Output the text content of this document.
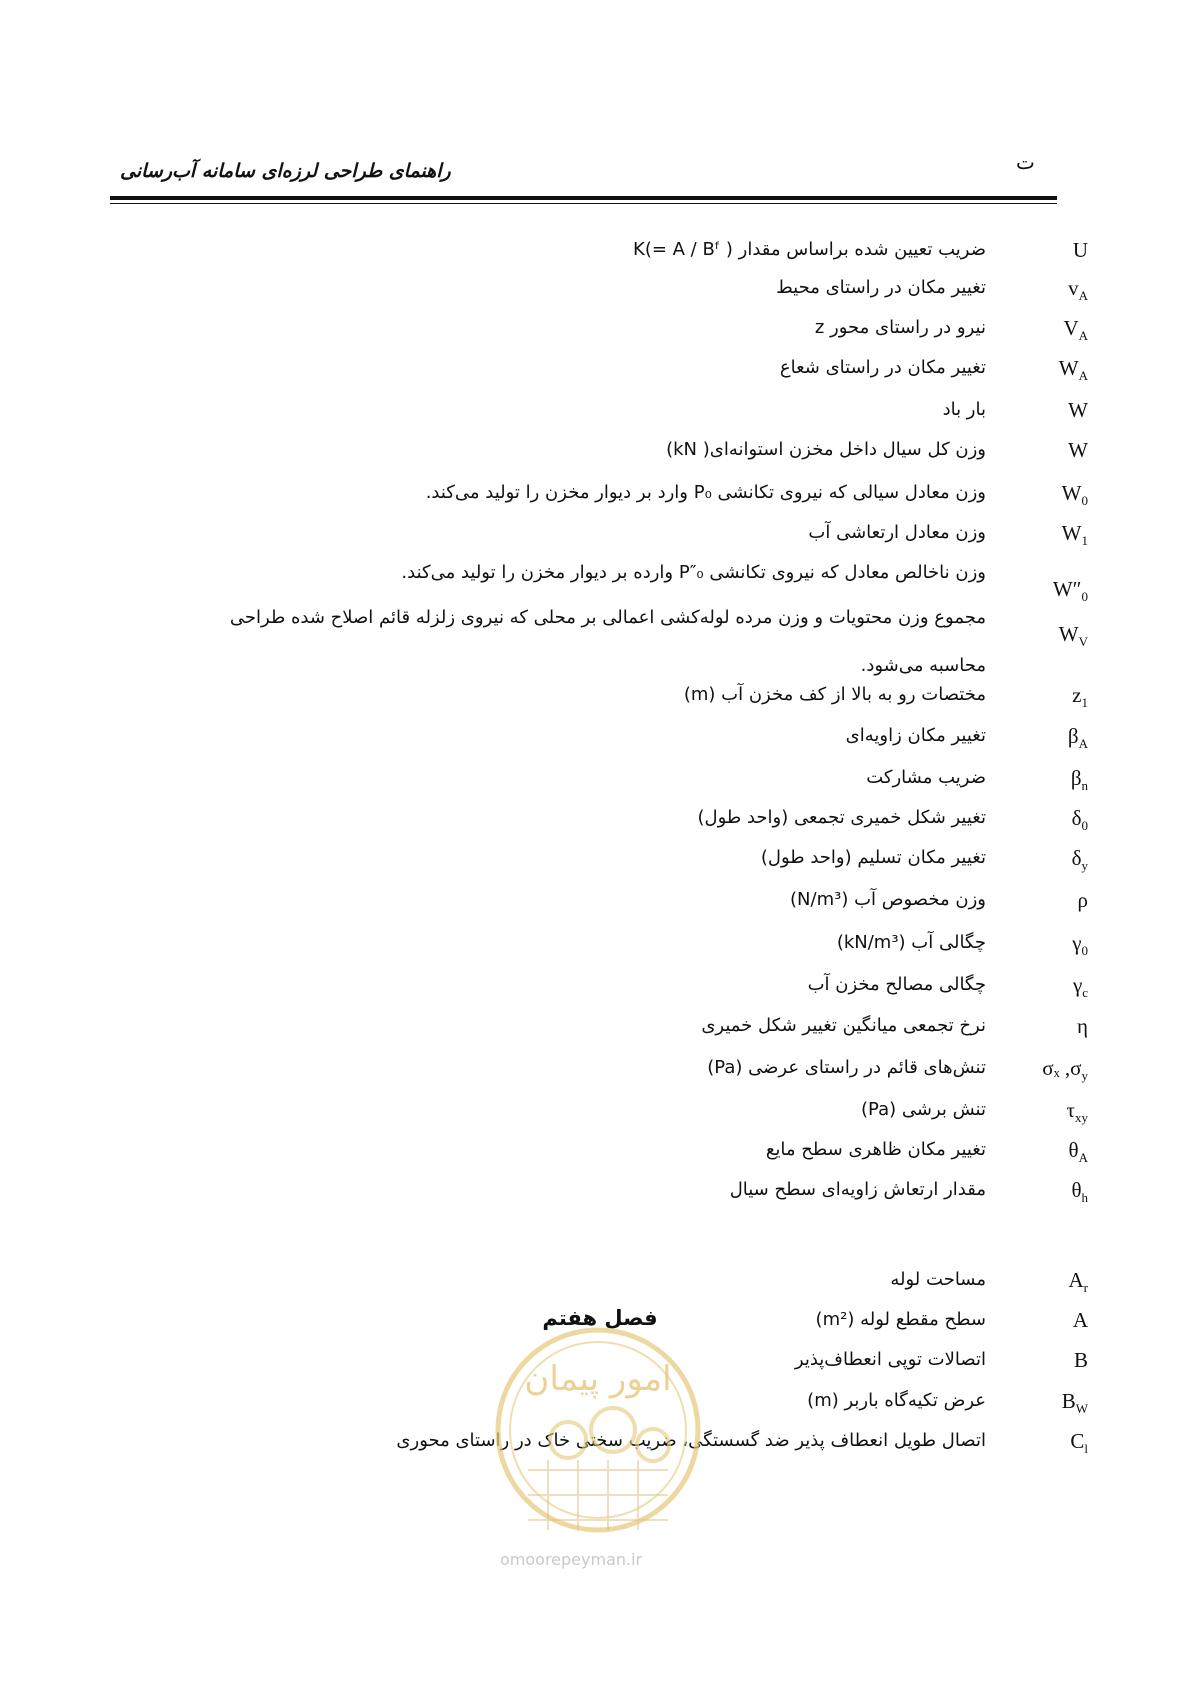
ت
راهنمای طراحی لرزه‌ای سامانه آب‌رسانی
U
ضریب تعیین شده براساس مقدار ( K(= A / Bᶠ
$v_A$
تغییر مکان در راستای محیط
$V_A$
نیرو در راستای محور z
$W_A$
تغییر مکان در راستای شعاع
W
بار باد
W
وزن کل سیال داخل مخزن استوانه‌ای( kN)
$W_0$
وزن معادل سیالی که نیروی تکانشی P₀ وارد بر دیوار مخزن را تولید می‌کند.
$W_1$
وزن معادل ارتعاشی آب
$W''_0$
وزن ناخالص معادل که نیروی تکانشی P″₀ وارده بر دیوار مخزن را تولید می‌کند.
$W_V$
مجموع وزن محتویات و وزن مرده لوله‌کشی اعمالی بر محلی که نیروی زلزله قائم اصلاح شده طراحی محاسبه می‌شود.
$z_1$
مختصات رو به بالا از کف مخزن آب (m)
$\beta_A$
تغییر مکان زاویه‌ای
$\beta_n$
ضریب مشارکت
$\delta_0$
تغییر شکل خمیری تجمعی (واحد طول)
$\delta_y$
تغییر مکان تسلیم (واحد طول)
ρ
وزن مخصوص آب (N/m³)
$\gamma_0$
چگالی آب (kN/m³)
$\gamma_c$
چگالی مصالح مخزن آب
η
نرخ تجمعی میانگین تغییر شکل خمیری
σₓ $,\sigma_y$
تنش‌های قائم در راستای عرضی (Pa)
$\tau_{xy}$
تنش برشی (Pa)
$\theta_A$
تغییر مکان ظاهری سطح مایع
$\theta_h$
مقدار ارتعاش زاویه‌ای سطح سیال
$A_r$
مساحت لوله
A
سطح مقطع لوله (m²)
B
اتصالات توپی انعطاف‌پذیر
$B_W$
عرض تکیه‌گاه باربر (m)
$C_l$
اتصال طویل انعطاف پذیر ضد گسستگی، ضریب سختی خاک در راستای محوری
فصل هفتم
امور پیمان
omoorepeyman.ir
